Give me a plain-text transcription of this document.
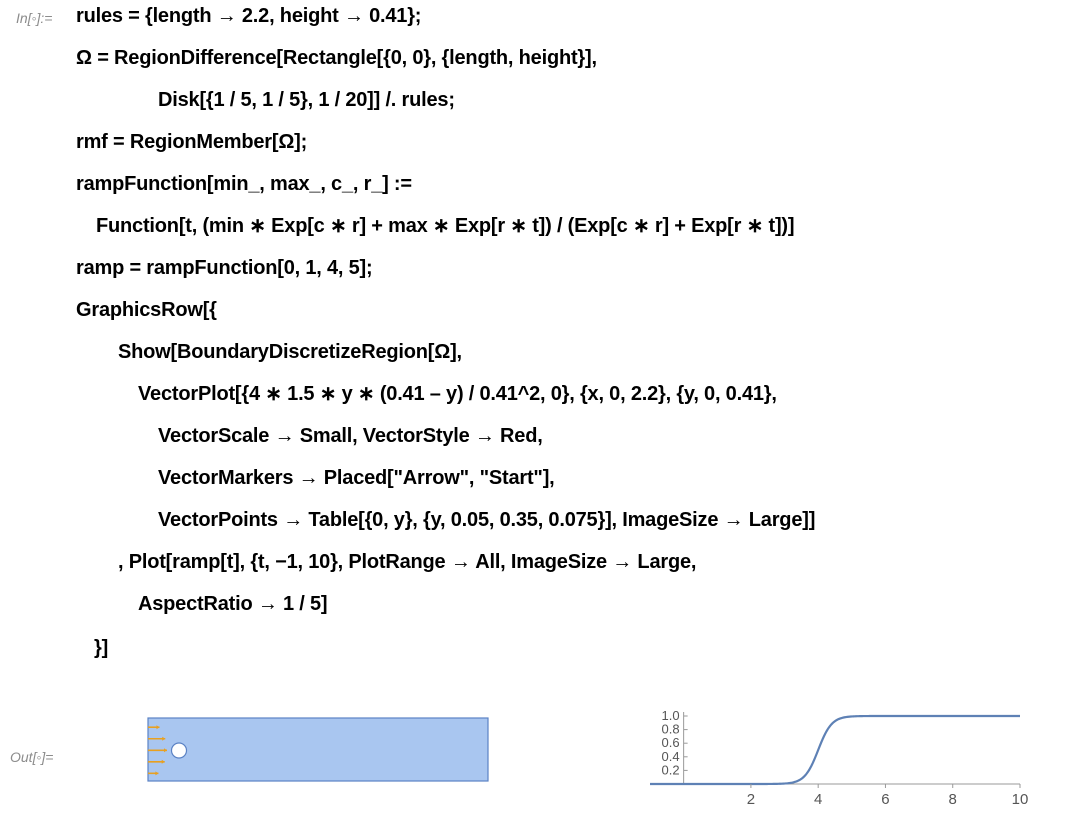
In[◦]:= rules = {length → 2.2, height → 0.41};
Ω = RegionDifference[Rectangle[{0, 0}, {length, height}],
Disk[{1 / 5, 1 / 5}, 1 / 20]] /. rules;
rmf = RegionMember[Ω];
rampFunction[min_, max_, c_, r_] :=
Function[t, (min ∗ Exp[c ∗ r] + max ∗ Exp[r ∗ t]) / (Exp[c ∗ r] + Exp[r ∗ t])]
ramp = rampFunction[0, 1, 4, 5];
GraphicsRow[{
Show[BoundaryDiscretizeRegion[Ω],
VectorPlot[{4 ∗ 1.5 ∗ y ∗ (0.41 – y) / 0.41^2, 0}, {x, 0, 2.2}, {y, 0, 0.41},
VectorScale → Small, VectorStyle → Red,
VectorMarkers → Placed["Arrow", "Start"],
VectorPoints → Table[{0, y}, {y, 0.05, 0.35, 0.075}], ImageSize → Large]]
, Plot[ramp[t], {t, −1, 10}, PlotRange → All, ImageSize → Large,
AspectRatio → 1 / 5]
}]
Out[◦]=
2	4	6	8	10
0.2
0.4
0.6
0.8
1.0
